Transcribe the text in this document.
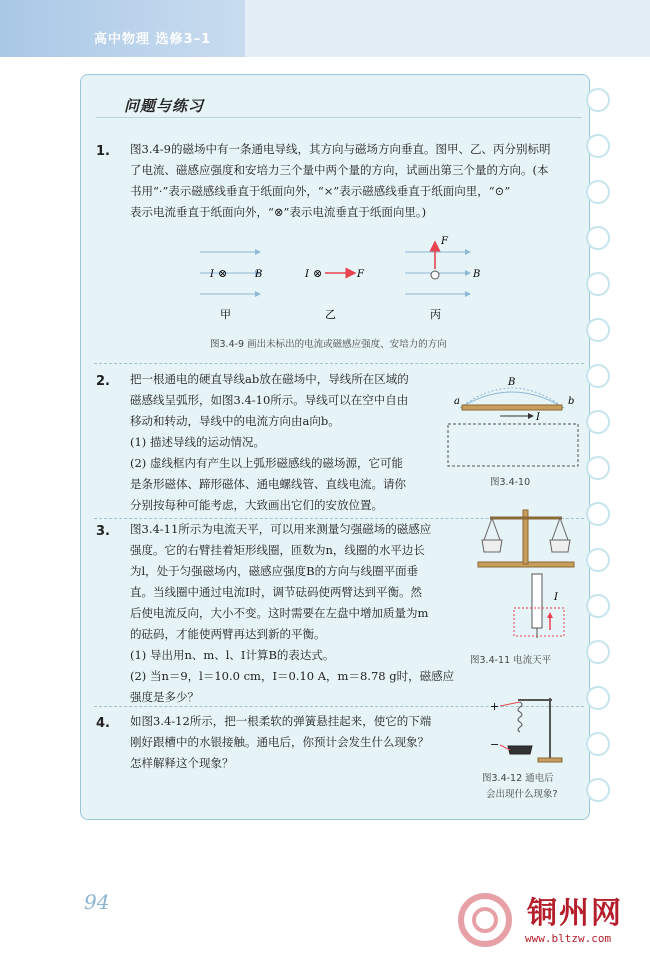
高中物理 选修3–1
问题与练习
1. 图3.4-9的磁场中有一条通电导线，其方向与磁场方向垂直。图甲、乙、丙分别标明

了电流、磁感应强度和安培力三个量中两个量的方向，试画出第三个量的方向。(本

书用“·”表示磁感线垂直于纸面向外，“×”表示磁感线垂直于纸面向里，“⊙”

表示电流垂直于纸面向外，“⊗”表示电流垂直于纸面向里。)

I ⊗	B	I ⊗	F
F
B
甲	乙	丙
图3.4-9 画出未标出的电流或磁感应强度、安培力的方向
2. 把一根通电的硬直导线ab放在磁场中，导线所在区域的

磁感线呈弧形，如图3.4-10所示。导线可以在空中自由

移动和转动，导线中的电流方向由a向b。

(1) 描述导线的运动情况。

(2) 虚线框内有产生以上弧形磁感线的磁场源，它可能

是条形磁体、蹄形磁体、通电螺线管、直线电流。请你

分别按每种可能考虑，大致画出它们的安放位置。

I
B
a	b
图3.4-10
3. 图3.4-11所示为电流天平，可以用来测量匀强磁场的磁感应

强度。它的右臂挂着矩形线圈，匝数为n，线圈的水平边长

为l，处于匀强磁场内，磁感应强度B的方向与线圈平面垂

直。当线圈中通过电流I时，调节砝码使两臂达到平衡。然

后使电流反向，大小不变。这时需要在左盘中增加质量为m

的砝码，才能使两臂再达到新的平衡。

(1) 导出用n、m、l、I计算B的表达式。

(2) 当n＝9，l＝10.0 cm，I＝0.10 A，m＝8.78 g时，磁感应

强度是多少？

I
图3.4-11 电流天平
4. 如图3.4-12所示，把一根柔软的弹簧悬挂起来，使它的下端

刚好跟槽中的水银接触。通电后，你预计会发生什么现象？

怎样解释这个现象？

+
−
图3.4-12 通电后
会出现什么现象?
94	铜州网
www.bltzw.com
